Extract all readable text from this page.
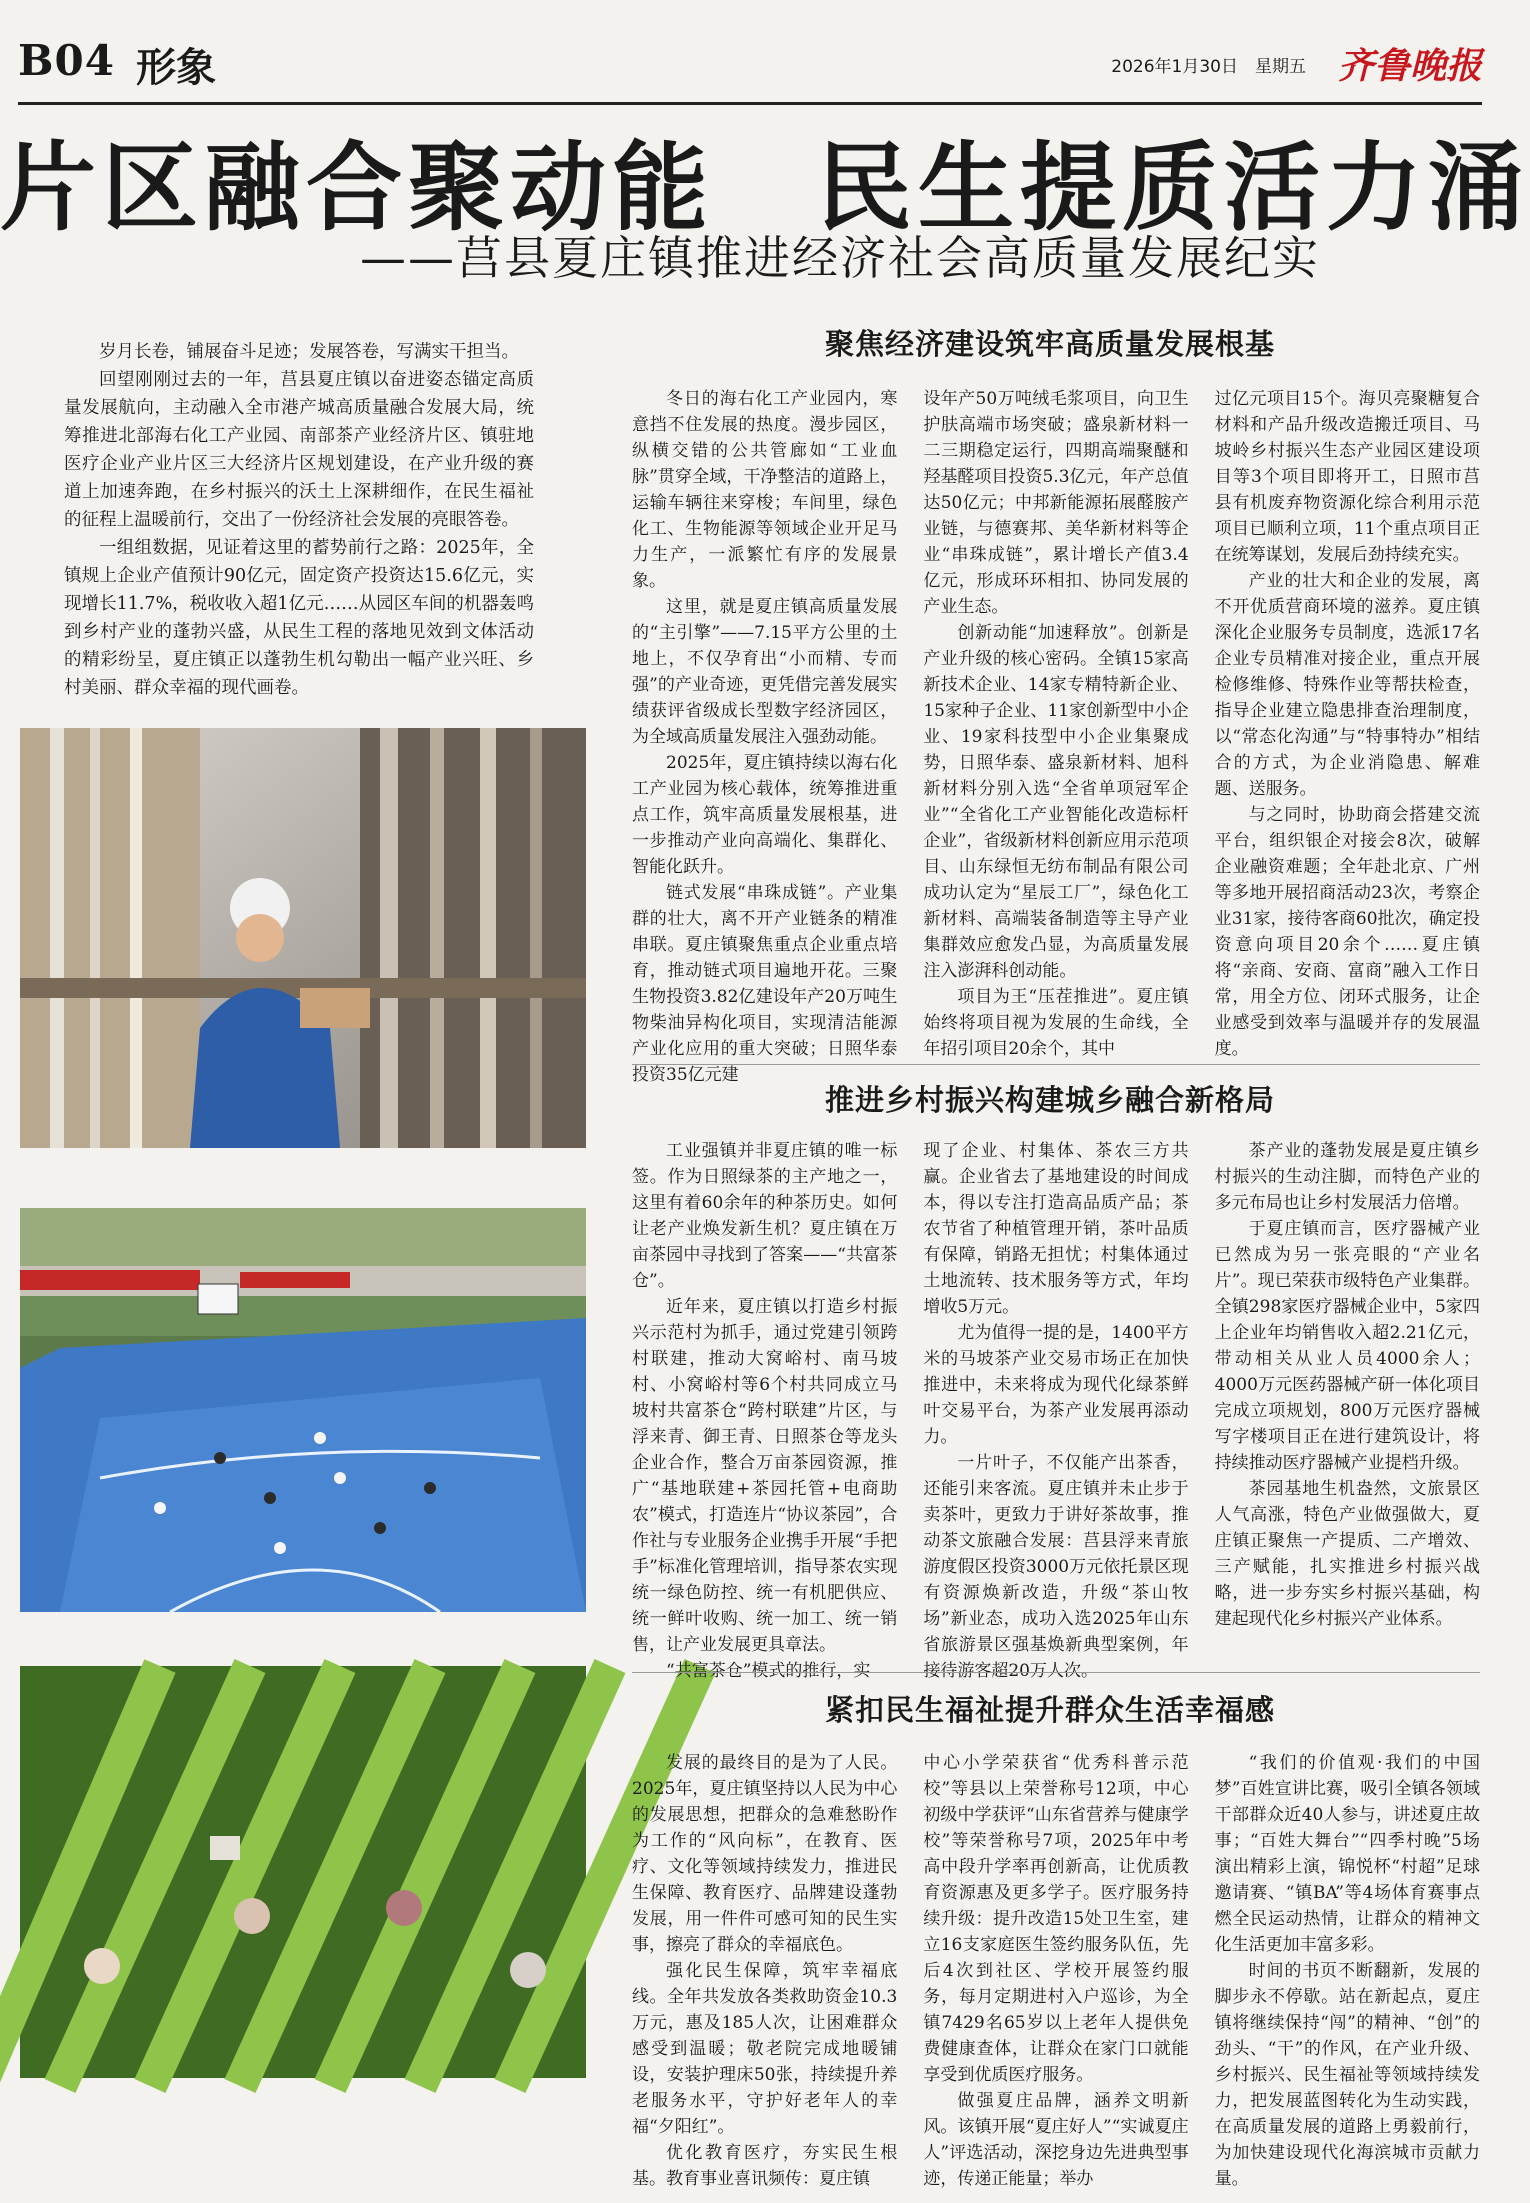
B04 形象	2026年1月30日　 星期五 齐鲁晚报
片区融合聚动能　民生提质活力涌
——莒县夏庄镇推进经济社会高质量发展纪实

岁月长卷，铺展奋斗足迹；发展答卷，写满实干担当。

回望刚刚过去的一年，莒县夏庄镇以奋进姿态锚定高质量发展航向，主动融入全市港产城高质量融合发展大局，统筹推进北部海右化工产业园、南部茶产业经济片区、镇驻地医疗企业产业片区三大经济片区规划建设，在产业升级的赛道上加速奔跑，在乡村振兴的沃土上深耕细作，在民生福祉的征程上温暖前行，交出了一份经济社会发展的亮眼答卷。

一组组数据，见证着这里的蓄势前行之路：2025年，全镇规上企业产值预计90亿元，固定资产投资达15.6亿元，实现增长11.7%，税收收入超1亿元……从园区车间的机器轰鸣到乡村产业的蓬勃兴盛，从民生工程的落地见效到文体活动的精彩纷呈，夏庄镇正以蓬勃生机勾勒出一幅产业兴旺、乡村美丽、群众幸福的现代画卷。

聚焦经济建设筑牢高质量发展根基

冬日的海右化工产业园内，寒意挡不住发展的热度。漫步园区，纵横交错的公共管廊如“工业血脉”贯穿全域，干净整洁的道路上，运输车辆往来穿梭；车间里，绿色化工、生物能源等领域企业开足马力生产，一派繁忙有序的发展景象。

这里，就是夏庄镇高质量发展的“主引擎”——7.15平方公里的土地上，不仅孕育出“小而精、专而强”的产业奇迹，更凭借完善发展实绩获评省级成长型数字经济园区，为全域高质量发展注入强劲动能。

2025年，夏庄镇持续以海右化工产业园为核心载体，统筹推进重点工作，筑牢高质量发展根基，进一步推动产业向高端化、集群化、智能化跃升。

链式发展“串珠成链”。产业集群的壮大，离不开产业链条的精准串联。夏庄镇聚焦重点企业重点培育，推动链式项目遍地开花。三聚生物投资3.82亿建设年产20万吨生物柴油异构化项目，实现清洁能源产业化应用的重大突破；日照华泰投资35亿元建

设年产50万吨绒毛浆项目，向卫生护肤高端市场突破；盛泉新材料一二三期稳定运行，四期高端聚醚和羟基醛项目投资5.3亿元，年产总值达50亿元；中邦新能源拓展醛胺产业链，与德赛邦、美华新材料等企业“串珠成链”，累计增长产值3.4亿元，形成环环相扣、协同发展的产业生态。

创新动能“加速释放”。创新是产业升级的核心密码。全镇15家高新技术企业、14家专精特新企业、15家种子企业、11家创新型中小企业、19家科技型中小企业集聚成势，日照华泰、盛泉新材料、旭科新材料分别入选“全省单项冠军企业”“全省化工产业智能化改造标杆企业”，省级新材料创新应用示范项目、山东绿恒无纺布制品有限公司成功认定为“星辰工厂”，绿色化工新材料、高端装备制造等主导产业集群效应愈发凸显，为高质量发展注入澎湃科创动能。

项目为王“压茬推进”。夏庄镇始终将项目视为发展的生命线，全年招引项目20余个，其中

过亿元项目15个。海贝亮聚糖复合材料和产品升级改造搬迁项目、马坡岭乡村振兴生态产业园区建设项目等3个项目即将开工，日照市莒县有机废弃物资源化综合利用示范项目已顺利立项，11个重点项目正在统筹谋划，发展后劲持续充实。

产业的壮大和企业的发展，离不开优质营商环境的滋养。夏庄镇深化企业服务专员制度，选派17名企业专员精准对接企业，重点开展检修维修、特殊作业等帮扶检查，指导企业建立隐患排查治理制度，以“常态化沟通”与“特事特办”相结合的方式，为企业消隐患、解难题、送服务。

与之同时，协助商会搭建交流平台，组织银企对接会8次，破解企业融资难题；全年赴北京、广州等多地开展招商活动23次，考察企业31家，接待客商60批次，确定投资意向项目20余个……夏庄镇将“亲商、安商、富商”融入工作日常，用全方位、闭环式服务，让企业感受到效率与温暖并存的发展温度。

推进乡村振兴构建城乡融合新格局

工业强镇并非夏庄镇的唯一标签。作为日照绿茶的主产地之一，这里有着60余年的种茶历史。如何让老产业焕发新生机？夏庄镇在万亩茶园中寻找到了答案——“共富茶仓”。

近年来，夏庄镇以打造乡村振兴示范村为抓手，通过党建引领跨村联建，推动大窝峪村、南马坡村、小窝峪村等6个村共同成立马坡村共富茶仓“跨村联建”片区，与浮来青、御王青、日照茶仓等龙头企业合作，整合万亩茶园资源，推广“基地联建+茶园托管+电商助农”模式，打造连片“协议茶园”，合作社与专业服务企业携手开展“手把手”标准化管理培训，指导茶农实现统一绿色防控、统一有机肥供应、统一鲜叶收购、统一加工、统一销售，让产业发展更具章法。

“共富茶仓”模式的推行，实

现了企业、村集体、茶农三方共赢。企业省去了基地建设的时间成本，得以专注打造高品质产品；茶农节省了种植管理开销，茶叶品质有保障，销路无担忧；村集体通过土地流转、技术服务等方式，年均增收5万元。

尤为值得一提的是，1400平方米的马坡茶产业交易市场正在加快推进中，未来将成为现代化绿茶鲜叶交易平台，为茶产业发展再添动力。

一片叶子，不仅能产出茶香，还能引来客流。夏庄镇并未止步于卖茶叶，更致力于讲好茶故事，推动茶文旅融合发展：莒县浮来青旅游度假区投资3000万元依托景区现有资源焕新改造，升级“茶山牧场”新业态，成功入选2025年山东省旅游景区强基焕新典型案例，年接待游客超20万人次。

茶产业的蓬勃发展是夏庄镇乡村振兴的生动注脚，而特色产业的多元布局也让乡村发展活力倍增。

于夏庄镇而言，医疗器械产业已然成为另一张亮眼的“产业名片”。现已荣获市级特色产业集群。全镇298家医疗器械企业中，5家四上企业年均销售收入超2.21亿元，带动相关从业人员4000余人；4000万元医药器械产研一体化项目完成立项规划，800万元医疗器械写字楼项目正在进行建筑设计，将持续推动医疗器械产业提档升级。

茶园基地生机盎然，文旅景区人气高涨，特色产业做强做大，夏庄镇正聚焦一产提质、二产增效、三产赋能，扎实推进乡村振兴战略，进一步夯实乡村振兴基础，构建起现代化乡村振兴产业体系。

紧扣民生福祉提升群众生活幸福感

发展的最终目的是为了人民。2025年，夏庄镇坚持以人民为中心的发展思想，把群众的急难愁盼作为工作的“风向标”，在教育、医疗、文化等领域持续发力，推进民生保障、教育医疗、品牌建设蓬勃发展，用一件件可感可知的民生实事，擦亮了群众的幸福底色。

强化民生保障，筑牢幸福底线。全年共发放各类救助资金10.3万元，惠及185人次，让困难群众感受到温暖；敬老院完成地暖铺设，安装护理床50张，持续提升养老服务水平，守护好老年人的幸福“夕阳红”。

优化教育医疗，夯实民生根基。教育事业喜讯频传：夏庄镇

中心小学荣获省“优秀科普示范校”等县以上荣誉称号12项，中心初级中学获评“山东省营养与健康学校”等荣誉称号7项，2025年中考高中段升学率再创新高，让优质教育资源惠及更多学子。医疗服务持续升级：提升改造15处卫生室，建立16支家庭医生签约服务队伍，先后4次到社区、学校开展签约服务，每月定期进村入户巡诊，为全镇7429名65岁以上老年人提供免费健康查体，让群众在家门口就能享受到优质医疗服务。

做强夏庄品牌，涵养文明新风。该镇开展“夏庄好人”“实诚夏庄人”评选活动，深挖身边先进典型事迹，传递正能量；举办

“我们的价值观·我们的中国梦”百姓宣讲比赛，吸引全镇各领域干部群众近40人参与，讲述夏庄故事；“百姓大舞台”“四季村晚”5场演出精彩上演，锦悦杯“村超”足球邀请赛、“镇BA”等4场体育赛事点燃全民运动热情，让群众的精神文化生活更加丰富多彩。

时间的书页不断翻新，发展的脚步永不停歇。站在新起点，夏庄镇将继续保持“闯”的精神、“创”的劲头、“干”的作风，在产业升级、乡村振兴、民生福祉等领域持续发力，把发展蓝图转化为生动实践，在高质量发展的道路上勇毅前行，为加快建设现代化海滨城市贡献力量。
